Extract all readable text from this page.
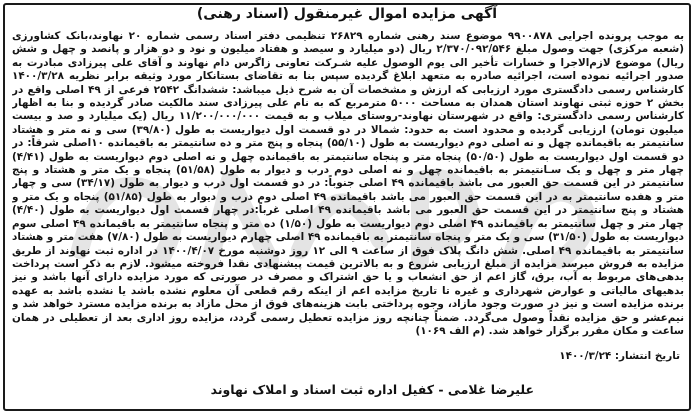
آگهی مزایده اموال غیرمنقول (اسناد رهنی)

به موجب پرونده اجرایی ۹۹۰۰۸۷۸ موضوع سند رهنی شماره ۲۶۸۲۹ تنظیمی دفتر اسناد رسمی شماره ۲۰ نهاوند،بانک کشاورزی (شعبه مرکزی) جهت وصول مبلغ ۲/۳۷۰/۰۹۲/۵۴۶ ریال (دو میلیارد و سیصد و هفتاد میلیون و نود و دو هزار و پانصد و چهل و شش ریال) موضوع لازم‌الاجرا و خسارات تأخیر الی یوم الوصول علیه شـرکت تعاونی زاگرس دام نهاوند و آقای علی پیرزادی مبادرت به صدور اجرائیه نموده است، اجرائیه صادره به متعهد ابلاغ گردیده سپس بنا به تقاضای بستانکار مورد وثیقه برابر نظریه ۱۴۰۰/۳/۲۸ کارشناس رسمی دادگستری مورد ارزیابی که ارزش و مشخصات آن به شرح ذیل میباشد: ششدانگ ۲۵۴۲ فرعی از ۴۹ اصلی واقع در بخش ۲ حوزه ثبتی نهاوند استان همدان به مساحت ۵۰۰۰ مترمربع که به نام علی پیرزادی سند مالکیت صادر گردیده و بنا به اظهار کارشناس رسمی دادگستری: واقع در شهرستان نهاوند-روستای میلاب و به قیمت ۱۱/۲۰۰/۰۰۰/۰۰۰ ریال (یک میلیارد و صد و بیست میلیون تومان) ارزیابی گردیده و محدود است به حدود: شمالا در دو قسمت اول دیواریست به طول (۳۹/۸۰) سی و نه متر و هشتاد سانتیمتر به باقیمانده چهل و نه اصلی دوم دیواریست به طول (۵۵/۱۰) پنجاه و پنج متر و ده سانتیمتر به باقیمانده ۱۰اصلی شرقاً: در دو قسمت اول دیواریست به طول (۵۰/۵۰) پنجاه متر و پنجاه سانتیمتر به باقیمانده چهل و نه اصلی دوم دیواریست به طول (۴/۴۱) چهار متر و چهل و یک سـانتیمتر به باقیمانده چهل و نه اصلی دوم درب و دیوار به طول (۵۱/۵۸) پنجاه و یک متر و هشتاد و پنج سانتیمتر در این قسمت حق العبور می باشد باقیمانده ۴۹ اصلی جنوباً: در دو قسمت اول درب و دیوار به طول (۳۴/۱۷) سی و چهار متر و هفده سانتیمتر به در این قسمت حق العبور می باشد باقیمانده ۴۹ اصلی دوم درب و دیوار به طول (۵۱/۸۵) پنجاه و یک متر و هشتاد و پنج سانتیمتر در این قسمت حق العبور می باشد باقیمانده ۴۹ اصلی غرباً:در چهار قسمت اول دیواریست به طول (۴/۴۰) چهار متر و چهل سانتیمتر به باقیمانده ۴۹ اصلی دوم دیواریست به طول (۱/۵۰) ده متر و پنجاه سانتیمتر به باقیمانده ۴۹ اصلی سوم دیواریست به طول (۳۱/۵۰) سی و یک متر و پنجاه سانتیمتر به باقیمانده ۴۹ اصلی چهارم دیواریست به طول (۷/۸۰) هفت متر و هشتاد سانتیمتر به باقیمانده ۴۹ اصلی. شش دانگ پلاک فوق از ساعت ۹ الی ۱۲ روز دوشنبه مورخ ۱۴۰۰/۴/۰۷ در اداره ثبت نهاوند از طریق مزایده به فروش میرسد مزایده از مبلغ ارزیابی شروع و به بالاترین قیمت پیشنهادی نقدا فروخته میشود. لازم به ذکر است پرداخت بدهی‌های مربوط به آب، برق، گاز اعم از حق انشعاب و یا حق اشتراک و مصرف در صورتی که مورد مزایده دارای آنها باشد و نیز بدهیهای مالیاتی و عوارض شهرداری و غیره تا تاریخ مزایده اعم از اینکه رقم قطعی آن معلوم نشده باشد یا نشده باشد به عهده برنده مزایده است و نیز در صورت وجود مازاد، وجوه پرداختی بابت هزینه‌های فوق از محل مازاد به برنده مزایده مسترد خواهد شد و نیم‌عشر و حق مزایده نقداً وصول می‌گردد. ضمناً چنانچه روز مزایده تعطیل رسمی گردد، مزایده روز اداری بعد از تعطیلی در همان ساعت و مکان مقرر برگزار خواهد شد. (م الف ۱۰۶۹)

تاریخ انتشار: ۱۴۰۰/۳/۲۴
علیرضا غلامی - کفیل اداره ثبت اسناد و املاک نهاوند
